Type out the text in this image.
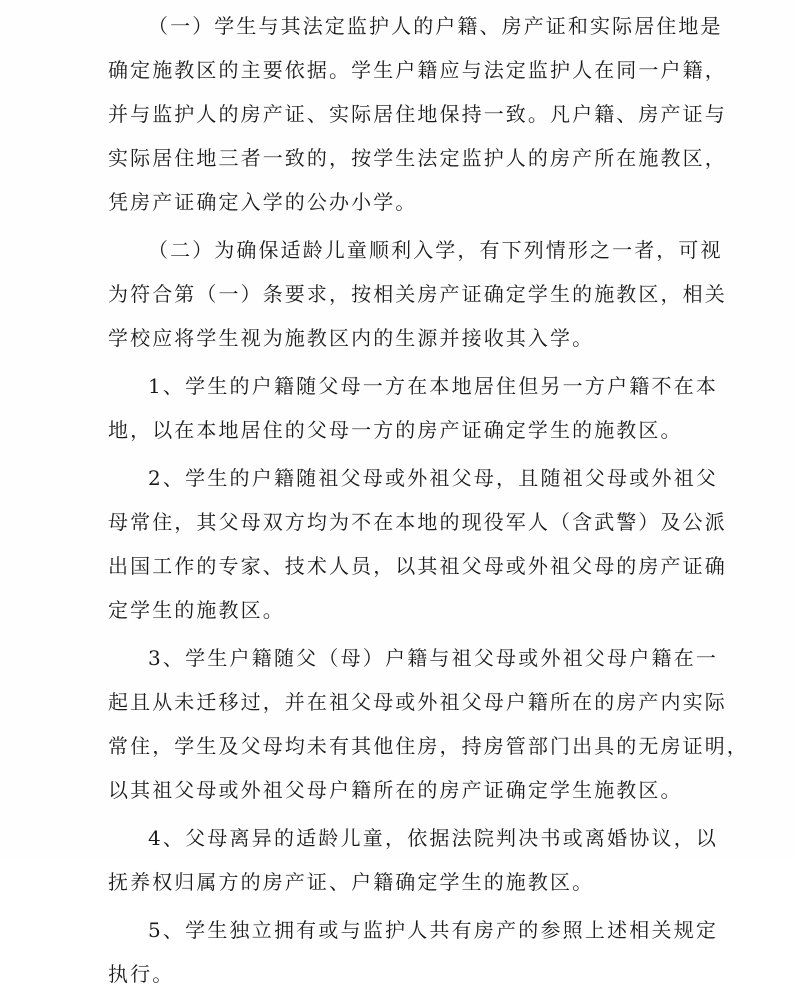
（一）学生与其法定监护人的户籍、房产证和实际居住地是
确定施教区的主要依据。学生户籍应与法定监护人在同一户籍，
并与监护人的房产证、实际居住地保持一致。凡户籍、房产证与
实际居住地三者一致的，按学生法定监护人的房产所在施教区，
凭房产证确定入学的公办小学。
（二）为确保适龄儿童顺利入学，有下列情形之一者，可视
为符合第（一）条要求，按相关房产证确定学生的施教区，相关
学校应将学生视为施教区内的生源并接收其入学。
1、学生的户籍随父母一方在本地居住但另一方户籍不在本
地，以在本地居住的父母一方的房产证确定学生的施教区。
2、学生的户籍随祖父母或外祖父母，且随祖父母或外祖父
母常住，其父母双方均为不在本地的现役军人（含武警）及公派
出国工作的专家、技术人员，以其祖父母或外祖父母的房产证确
定学生的施教区。
3、学生户籍随父（母）户籍与祖父母或外祖父母户籍在一
起且从未迁移过，并在祖父母或外祖父母户籍所在的房产内实际
常住，学生及父母均未有其他住房，持房管部门出具的无房证明，
以其祖父母或外祖父母户籍所在的房产证确定学生施教区。
4、父母离异的适龄儿童，依据法院判决书或离婚协议，以
抚养权归属方的房产证、户籍确定学生的施教区。
5、学生独立拥有或与监护人共有房产的参照上述相关规定
执行。
